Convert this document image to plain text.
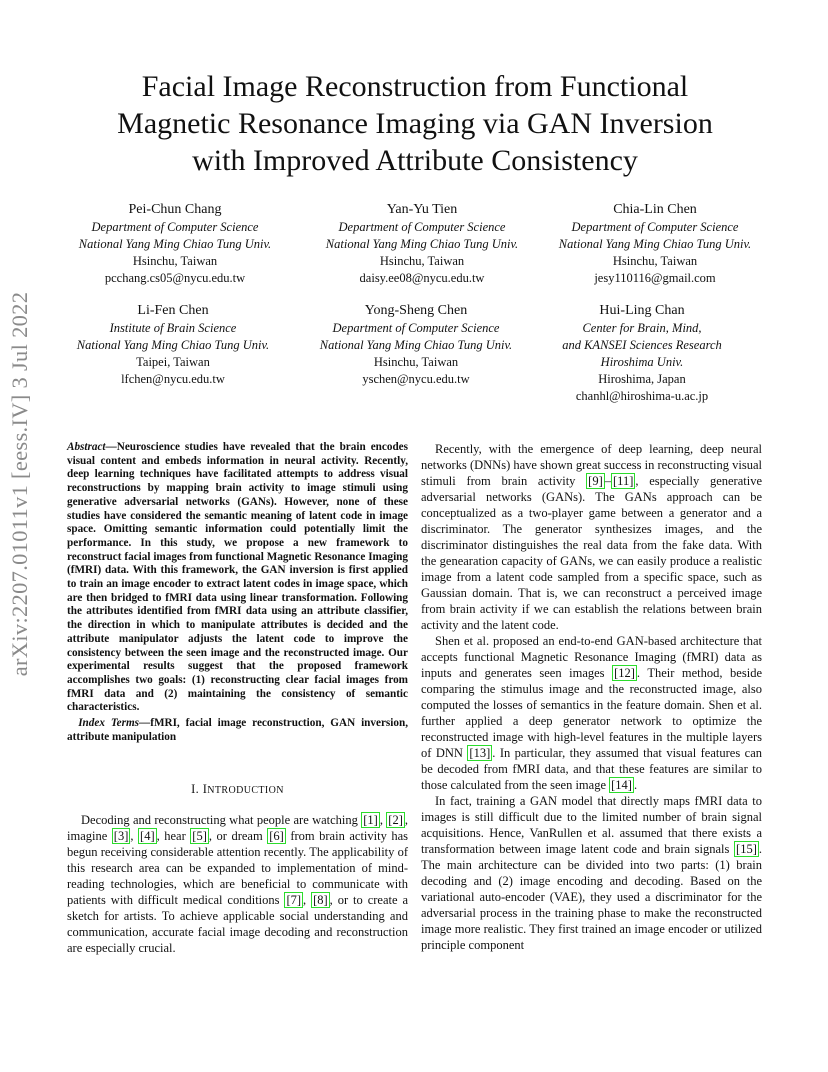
arXiv:2207.01011v1 [eess.IV] 3 Jul 2022
Facial Image Reconstruction from Functional
Magnetic Resonance Imaging via GAN Inversion
with Improved Attribute Consistency
Pei-Chun Chang
Department of Computer Science
National Yang Ming Chiao Tung Univ.
Hsinchu, Taiwan
pcchang.cs05@nycu.edu.tw
Yan-Yu Tien
Department of Computer Science
National Yang Ming Chiao Tung Univ.
Hsinchu, Taiwan
daisy.ee08@nycu.edu.tw
Chia-Lin Chen
Department of Computer Science
National Yang Ming Chiao Tung Univ.
Hsinchu, Taiwan
jesy110116@gmail.com
Li-Fen Chen
Institute of Brain Science
National Yang Ming Chiao Tung Univ.
Taipei, Taiwan
lfchen@nycu.edu.tw
Yong-Sheng Chen
Department of Computer Science
National Yang Ming Chiao Tung Univ.
Hsinchu, Taiwan
yschen@nycu.edu.tw
Hui-Ling Chan
Center for Brain, Mind,
and KANSEI Sciences Research
Hiroshima Univ.
Hiroshima, Japan
chanhl@hiroshima-u.ac.jp

Abstract—Neuroscience studies have revealed that the brain encodes visual content and embeds information in neural activity. Recently, deep learning techniques have facilitated attempts to address visual reconstructions by mapping brain activity to image stimuli using generative adversarial networks (GANs). However, none of these studies have considered the semantic meaning of latent code in image space. Omitting semantic information could potentially limit the performance. In this study, we propose a new framework to reconstruct facial images from functional Magnetic Resonance Imaging (fMRI) data. With this framework, the GAN inversion is first applied to train an image encoder to extract latent codes in image space, which are then bridged to fMRI data using linear transformation. Following the attributes identified from fMRI data using an attribute classifier, the direction in which to manipulate attributes is decided and the attribute manipulator adjusts the latent code to improve the consistency between the seen image and the reconstructed image. Our experimental results suggest that the proposed framework accomplishes two goals: (1) reconstructing clear facial images from fMRI data and (2) maintaining the consistency of semantic characteristics.

 Index Terms—fMRI, facial image reconstruction, GAN inversion, attribute manipulation

I. INTRODUCTION

Decoding and reconstructing what people are watching [1] , [2] , imagine [3] , [4] , hear [5] , or dream [6] from brain activity has begun receiving considerable attention recently. The applicability of this research area can be expanded to implementation of mind-reading technologies, which are beneficial to communicate with patients with difficult medical conditions [7] , [8] , or to create a sketch for artists. To achieve applicable social understanding and communication, accurate facial image decoding and reconstruction are especially crucial.

Recently, with the emergence of deep learning, deep neural networks (DNNs) have shown great success in reconstructing visual stimuli from brain activity [9] – [11] , especially generative adversarial networks (GANs). The GANs approach can be conceptualized as a two-player game between a generator and a discriminator. The generator synthesizes images, and the discriminator distinguishes the real data from the fake data. With the genearation capacity of GANs, we can easily produce a realistic image from a latent code sampled from a specific space, such as Gaussian domain. That is, we can reconstruct a perceived image from brain activity if we can establish the relations between brain activity and the latent code.

Shen et al. proposed an end-to-end GAN-based architecture that accepts functional Magnetic Resonance Imaging (fMRI) data as inputs and generates seen images [12] . Their method, beside comparing the stimulus image and the reconstructed image, also computed the losses of semantics in the feature domain. Shen et al. further applied a deep generator network to optimize the reconstructed image with high-level features in the multiple layers of DNN [13] . In particular, they assumed that visual features can be decoded from fMRI data, and that these features are similar to those calculated from the seen image [14] .

In fact, training a GAN model that directly maps fMRI data to images is still difficult due to the limited number of brain signal acquisitions. Hence, VanRullen et al. assumed that there exists a transformation between image latent code and brain signals [15] . The main architecture can be divided into two parts: (1) brain decoding and (2) image encoding and decoding. Based on the variational auto-encoder (VAE), they used a discriminator for the adversarial process in the training phase to make the reconstructed image more realistic. They first trained an image encoder or utilized principle component
